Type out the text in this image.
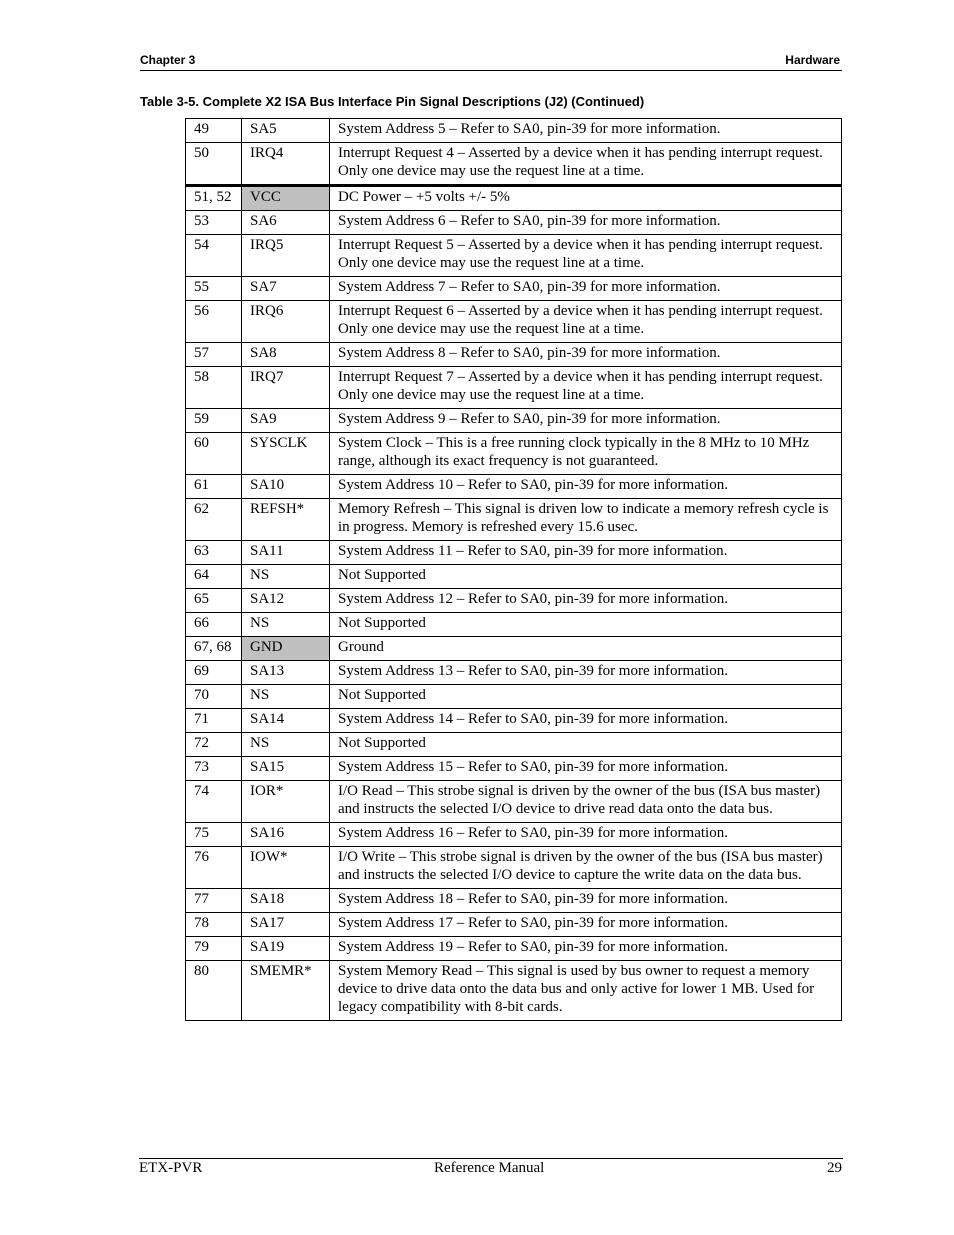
Chapter 3	Hardware
Table 3-5. Complete X2 ISA Bus Interface Pin Signal Descriptions (J2) (Continued)
49	SA5	System Address 5 – Refer to SA0, pin-39 for more information.
50	IRQ4	Interrupt Request 4 – Asserted by a device when it has pending interrupt request. Only one device may use the request line at a time.
51, 52	VCC	DC Power – +5 volts +/- 5%
53	SA6	System Address 6 – Refer to SA0, pin-39 for more information.
54	IRQ5	Interrupt Request 5 – Asserted by a device when it has pending interrupt request. Only one device may use the request line at a time.
55	SA7	System Address 7 – Refer to SA0, pin-39 for more information.
56	IRQ6	Interrupt Request 6 – Asserted by a device when it has pending interrupt request. Only one device may use the request line at a time.
57	SA8	System Address 8 – Refer to SA0, pin-39 for more information.
58	IRQ7	Interrupt Request 7 – Asserted by a device when it has pending interrupt request. Only one device may use the request line at a time.
59	SA9	System Address 9 – Refer to SA0, pin-39 for more information.
60	SYSCLK	System Clock – This is a free running clock typically in the 8 MHz to 10 MHz range, although its exact frequency is not guaranteed.
61	SA10	System Address 10 – Refer to SA0, pin-39 for more information.
62	REFSH*	Memory Refresh – This signal is driven low to indicate a memory refresh cycle is in progress. Memory is refreshed every 15.6 usec.
63	SA11	System Address 11 – Refer to SA0, pin-39 for more information.
64	NS	Not Supported
65	SA12	System Address 12 – Refer to SA0, pin-39 for more information.
66	NS	Not Supported
67, 68	GND	Ground
69	SA13	System Address 13 – Refer to SA0, pin-39 for more information.
70	NS	Not Supported
71	SA14	System Address 14 – Refer to SA0, pin-39 for more information.
72	NS	Not Supported
73	SA15	System Address 15 – Refer to SA0, pin-39 for more information.
74	IOR*	I/O Read – This strobe signal is driven by the owner of the bus (ISA bus master) and instructs the selected I/O device to drive read data onto the data bus.
75	SA16	System Address 16 – Refer to SA0, pin-39 for more information.
76	IOW*	I/O Write – This strobe signal is driven by the owner of the bus (ISA bus master) and instructs the selected I/O device to capture the write data on the data bus.
77	SA18	System Address 18 – Refer to SA0, pin-39 for more information.
78	SA17	System Address 17 – Refer to SA0, pin-39 for more information.
79	SA19	System Address 19 – Refer to SA0, pin-39 for more information.
80	SMEMR*	System Memory Read – This signal is used by bus owner to request a memory device to drive data onto the data bus and only active for lower 1 MB. Used for legacy compatibility with 8-bit cards.
ETX-PVR	Reference Manual	29
